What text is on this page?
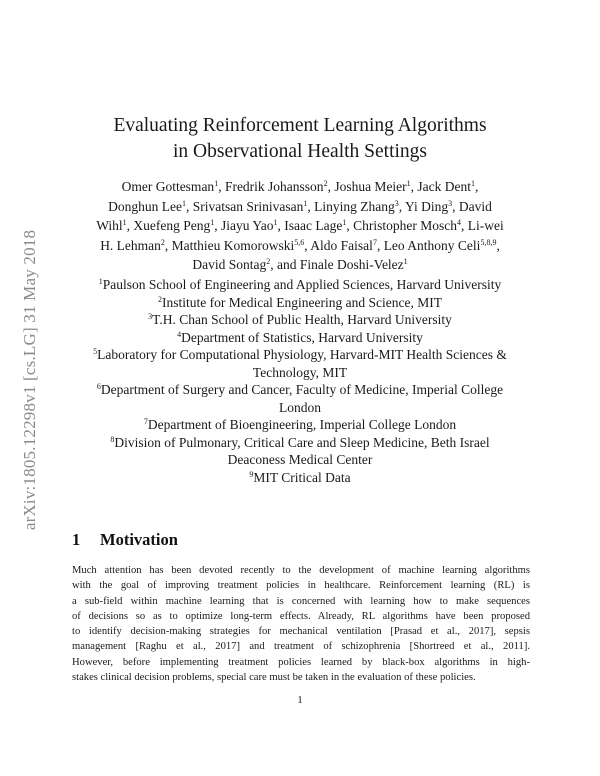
arXiv:1805.12298v1 [cs.LG] 31 May 2018
Evaluating Reinforcement Learning Algorithms
in Observational Health Settings
Omer Gottesman$^1$, Fredrik Johansson$^2$, Joshua Meier$^1$, Jack Dent$^1$,
Donghun Lee$^1$, Srivatsan Srinivasan$^1$, Linying Zhang$^3$, Yi Ding$^3$, David
Wihl$^1$, Xuefeng Peng$^1$, Jiayu Yao$^1$, Isaac Lage$^1$, Christopher Mosch$^4$, Li-wei
H. Lehman$^2$, Matthieu Komorowski$^{5,6}$, Aldo Faisal$^7$, Leo Anthony Celi$^{5,8,9}$,
David Sontag$^2$, and Finale Doshi-Velez$^1$
$^1$Paulson School of Engineering and Applied Sciences, Harvard University
$^2$Institute for Medical Engineering and Science, MIT
$^3$T.H. Chan School of Public Health, Harvard University
$^4$Department of Statistics, Harvard University
$^5$Laboratory for Computational Physiology, Harvard-MIT Health Sciences &
Technology, MIT
$^6$Department of Surgery and Cancer, Faculty of Medicine, Imperial College
London
$^7$Department of Bioengineering, Imperial College London
$^8$Division of Pulmonary, Critical Care and Sleep Medicine, Beth Israel
Deaconess Medical Center
$^9$MIT Critical Data
1 Motivation
Much attention has been devoted recently to the development of machine learning algorithms
with the goal of improving treatment policies in healthcare. Reinforcement learning (RL) is
a sub-field within machine learning that is concerned with learning how to make sequences
of decisions so as to optimize long-term effects. Already, RL algorithms have been proposed
to identify decision-making strategies for mechanical ventilation [Prasad et al., 2017], sepsis
management [Raghu et al., 2017] and treatment of schizophrenia [Shortreed et al., 2011].
However, before implementing treatment policies learned by black-box algorithms in high-
stakes clinical decision problems, special care must be taken in the evaluation of these policies.
1
